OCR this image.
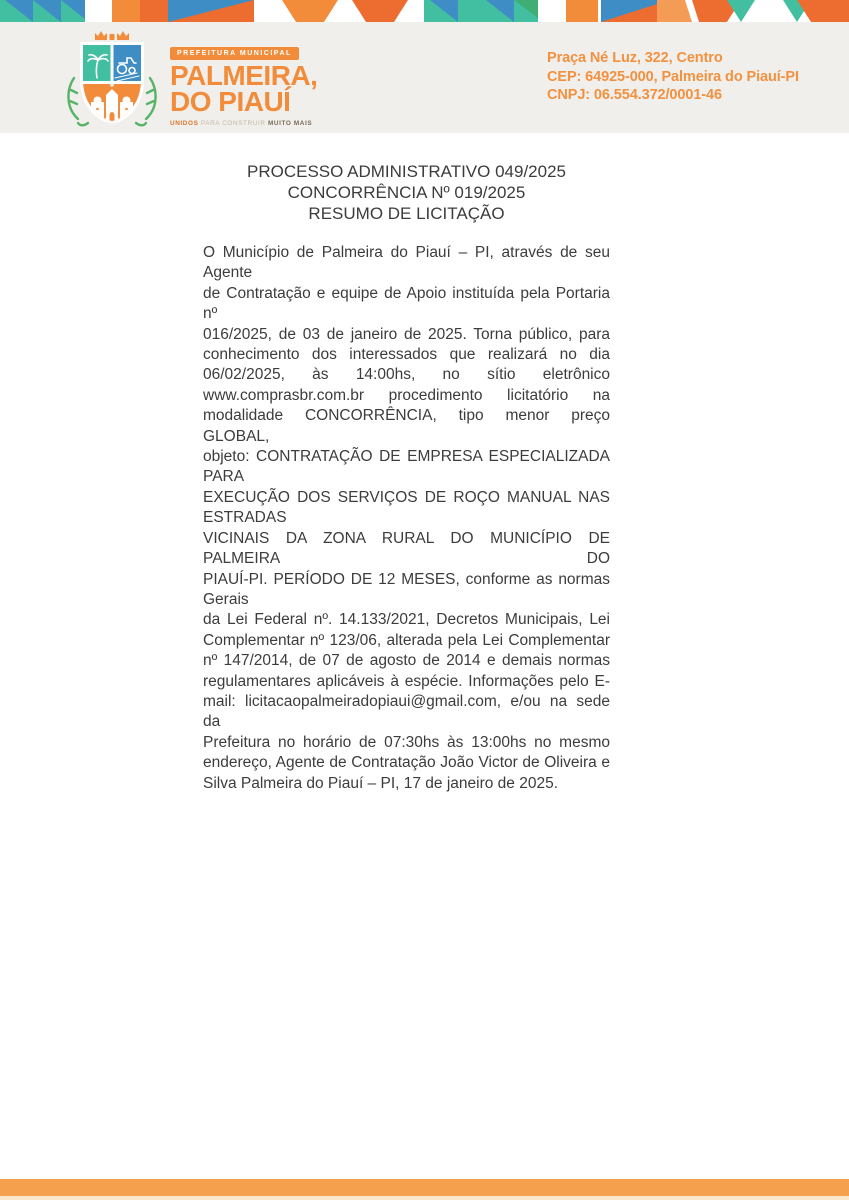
PREFEITURA MUNICIPAL
PALMEIRA,
DO PIAUÍ
UNIDOS PARA CONSTRUIR MUITO MAIS
Praça Né Luz, 322, Centro
CEP: 64925-000, Palmeira do Piauí-PI
CNPJ: 06.554.372/0001-46
PROCESSO ADMINISTRATIVO 049/2025
CONCORRÊNCIA Nº 019/2025
RESUMO DE LICITAÇÃO
O Município de Palmeira do Piauí – PI, através de seu Agente
de Contratação e equipe de Apoio instituída pela Portaria nº
016/2025, de 03 de janeiro de 2025. Torna público, para
conhecimento dos interessados que realizará no dia
06/02/2025, às 14:00hs, no sítio eletrônico
www.comprasbr.com.br procedimento licitatório na
modalidade CONCORRÊNCIA, tipo menor preço GLOBAL,
objeto: CONTRATAÇÃO DE EMPRESA ESPECIALIZADA PARA
EXECUÇÃO DOS SERVIÇOS DE ROÇO MANUAL NAS ESTRADAS
VICINAIS DA ZONA RURAL DO MUNICÍPIO DE PALMEIRA DO
PIAUÍ-PI. PERÍODO DE 12 MESES, conforme as normas Gerais
da Lei Federal nº. 14.133/2021, Decretos Municipais, Lei
Complementar nº 123/06, alterada pela Lei Complementar
nº 147/2014, de 07 de agosto de 2014 e demais normas
regulamentares aplicáveis à espécie. Informações pelo E-
mail: licitacaopalmeiradopiaui@gmail.com, e/ou na sede da
Prefeitura no horário de 07:30hs às 13:00hs no mesmo
endereço, Agente de Contratação João Victor de Oliveira e
Silva Palmeira do Piauí – PI, 17 de janeiro de 2025.
